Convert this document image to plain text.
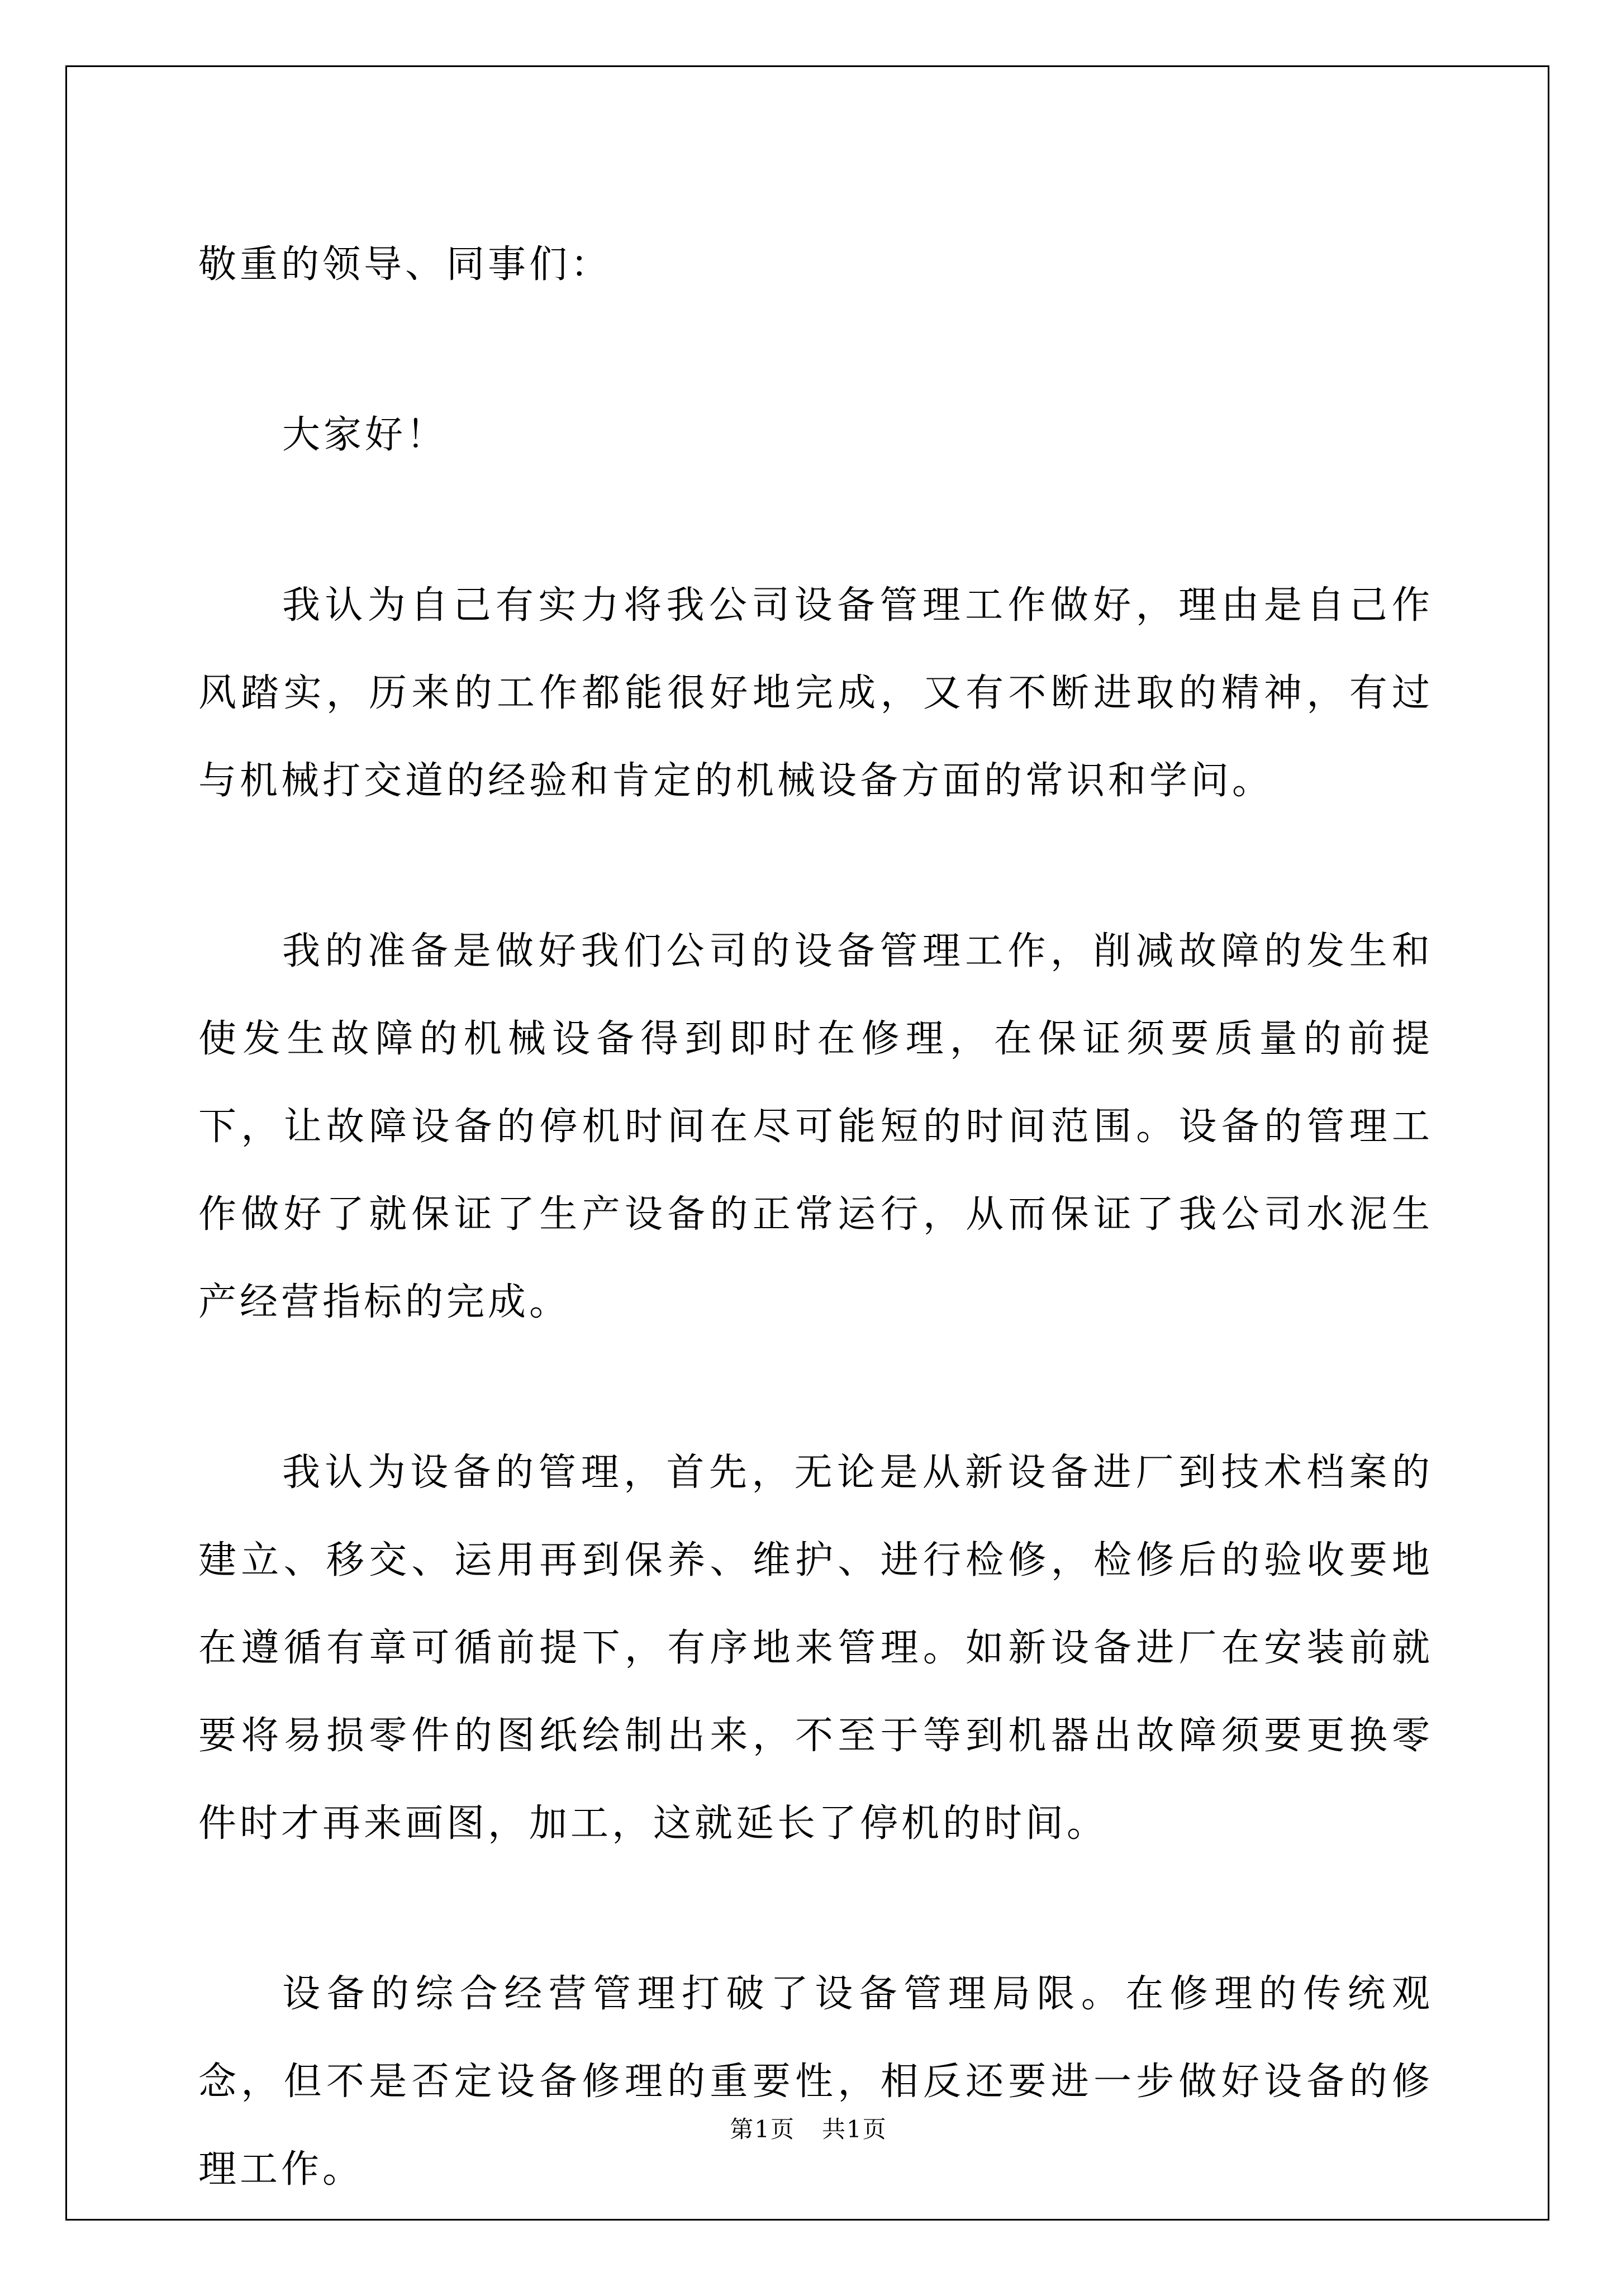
敬重的领导、同事们：

大家好！

我认为自己有实力将我公司设备管理工作做好，理由是自己作风踏实，历来的工作都能很好地完成，又有不断进取的精神，有过与机械打交道的经验和肯定的机械设备方面的常识和学问。

我的准备是做好我们公司的设备管理工作，削减故障的发生和使发生故障的机械设备得到即时在修理，在保证须要质量的前提下，让故障设备的停机时间在尽可能短的时间范围。设备的管理工作做好了就保证了生产设备的正常运行，从而保证了我公司水泥生产经营指标的完成。

我认为设备的管理，首先，无论是从新设备进厂到技术档案的建立、移交、运用再到保养、维护、进行检修，检修后的验收要地在遵循有章可循前提下，有序地来管理。如新设备进厂在安装前就要将易损零件的图纸绘制出来，不至于等到机器出故障须要更换零件时才再来画图，加工，这就延长了停机的时间。

设备的综合经营管理打破了设备管理局限。在修理的传统观念，但不是否定设备修理的重要性，相反还要进一步做好设备的修理工作。

第1页 共1页
